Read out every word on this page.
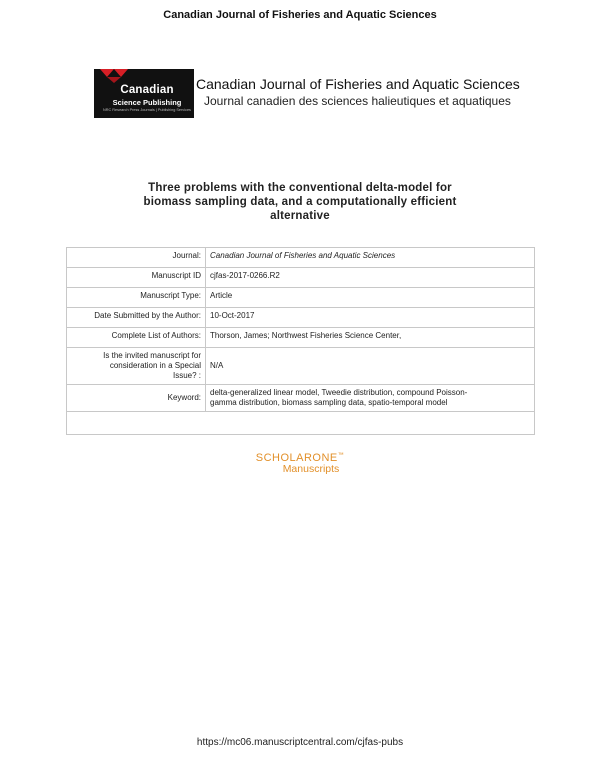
Canadian Journal of Fisheries and Aquatic Sciences
Canadian
Science Publishing
NRC Research Press Journals | Publishing Services
Canadian Journal of Fisheries and Aquatic Sciences
Journal canadien des sciences halieutiques et aquatiques
Three problems with the conventional delta-model for
biomass sampling data, and a computationally efficient
alternative
Journal:	Canadian Journal of Fisheries and Aquatic Sciences
Manuscript ID	cjfas-2017-0266.R2
Manuscript Type:	Article
Date Submitted by the Author:	10-Oct-2017
Complete List of Authors:	Thorson, James; Northwest Fisheries Science Center,

Is the invited manuscript for
consideration in a Special
Issue? :	N/A
Keyword:	delta-generalized linear model, Tweedie distribution, compound Poisson-
gamma distribution, biomass sampling data, spatio-temporal model

SCHOLARONE™
Manuscripts
https://mc06.manuscriptcentral.com/cjfas-pubs
